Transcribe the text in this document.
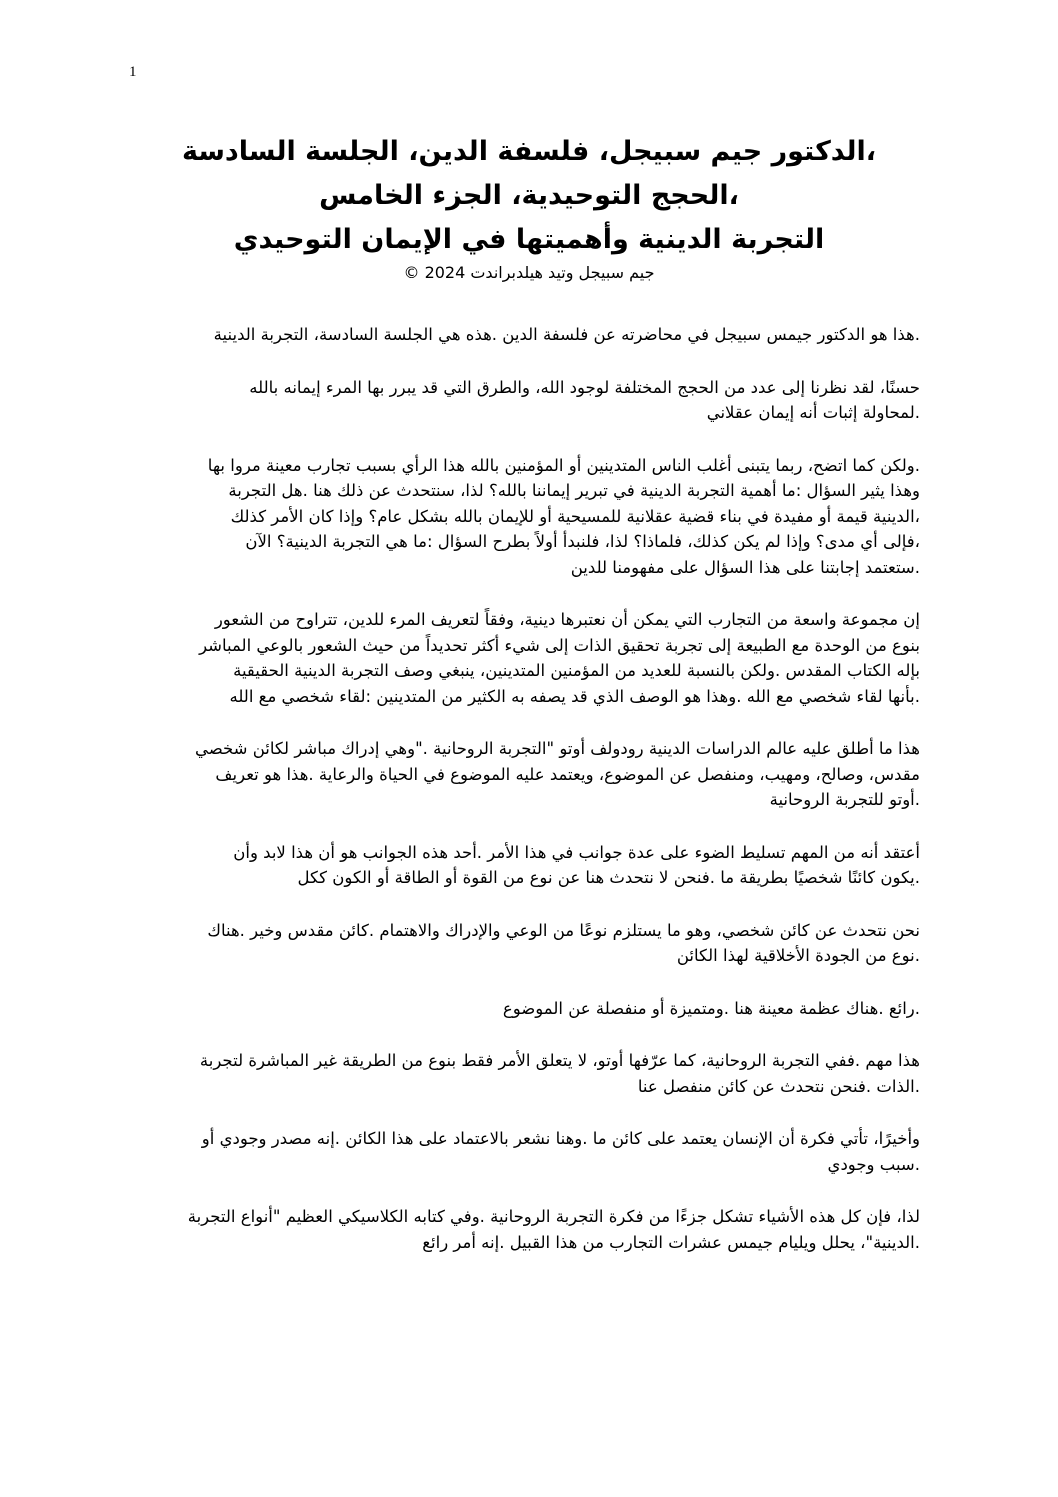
1

،الدكتور جيم سبيجل، فلسفة الدين، الجلسة السادسة

،الحجج التوحيدية، الجزء الخامس

التجربة الدينية وأهميتها في الإيمان التوحيدي

جيم سبيجل وتيد هيلدبراندت 2024 ©

.هذا هو الدكتور جيمس سبيجل في محاضرته عن فلسفة الدين .هذه هي الجلسة السادسة، التجربة الدينية

حسنًا، لقد نظرنا إلى عدد من الحجج المختلفة لوجود الله، والطرق التي قد يبرر بها المرء إيمانه بالله
.لمحاولة إثبات أنه إيمان عقلاني

.ولكن كما اتضح، ربما يتبنى أغلب الناس المتدينين أو المؤمنين بالله هذا الرأي بسبب تجارب معينة مروا بها
وهذا يثير السؤال :ما أهمية التجربة الدينية في تبرير إيماننا بالله؟ لذا، سنتحدث عن ذلك هنا .هل التجربة
،الدينية قيمة أو مفيدة في بناء قضية عقلانية للمسيحية أو للإيمان بالله بشكل عام؟ وإذا كان الأمر كذلك
،فإلى أي مدى؟ وإذا لم يكن كذلك، فلماذا؟ لذا، فلنبدأ أولاً بطرح السؤال :ما هي التجربة الدينية؟ الآن
.ستعتمد إجابتنا على هذا السؤال على مفهومنا للدين

إن مجموعة واسعة من التجارب التي يمكن أن نعتبرها دينية، وفقاً لتعريف المرء للدين، تتراوح من الشعور
بنوع من الوحدة مع الطبيعة إلى تجربة تحقيق الذات إلى شيء أكثر تحديداً من حيث الشعور بالوعي المباشر
بإله الكتاب المقدس .ولكن بالنسبة للعديد من المؤمنين المتدينين، ينبغي وصف التجربة الدينية الحقيقية
.بأنها لقاء شخصي مع الله .وهذا هو الوصف الذي قد يصفه به الكثير من المتدينين :لقاء شخصي مع الله

هذا ما أطلق عليه عالم الدراسات الدينية رودولف أوتو "التجربة الروحانية ."وهي إدراك مباشر لكائن شخصي
مقدس، وصالح، ومهيب، ومنفصل عن الموضوع، ويعتمد عليه الموضوع في الحياة والرعاية .هذا هو تعريف
.أوتو للتجربة الروحانية

أعتقد أنه من المهم تسليط الضوء على عدة جوانب في هذا الأمر .أحد هذه الجوانب هو أن هذا لابد وأن
.يكون كائنًا شخصيًا بطريقة ما .فنحن لا نتحدث هنا عن نوع من القوة أو الطاقة أو الكون ككل

نحن نتحدث عن كائن شخصي، وهو ما يستلزم نوعًا من الوعي والإدراك والاهتمام .كائن مقدس وخير .هناك
.نوع من الجودة الأخلاقية لهذا الكائن

.رائع .هناك عظمة معينة هنا .ومتميزة أو منفصلة عن الموضوع

هذا مهم .ففي التجربة الروحانية، كما عرّفها أوتو، لا يتعلق الأمر فقط بنوع من الطريقة غير المباشرة لتجربة
.الذات .فنحن نتحدث عن كائن منفصل عنا

وأخيرًا، تأتي فكرة أن الإنسان يعتمد على كائن ما .وهنا نشعر بالاعتماد على هذا الكائن .إنه مصدر وجودي أو
.سبب وجودي

لذا، فإن كل هذه الأشياء تشكل جزءًا من فكرة التجربة الروحانية .وفي كتابه الكلاسيكي العظيم "أنواع التجربة
.الدينية"، يحلل ويليام جيمس عشرات التجارب من هذا القبيل .إنه أمر رائع
